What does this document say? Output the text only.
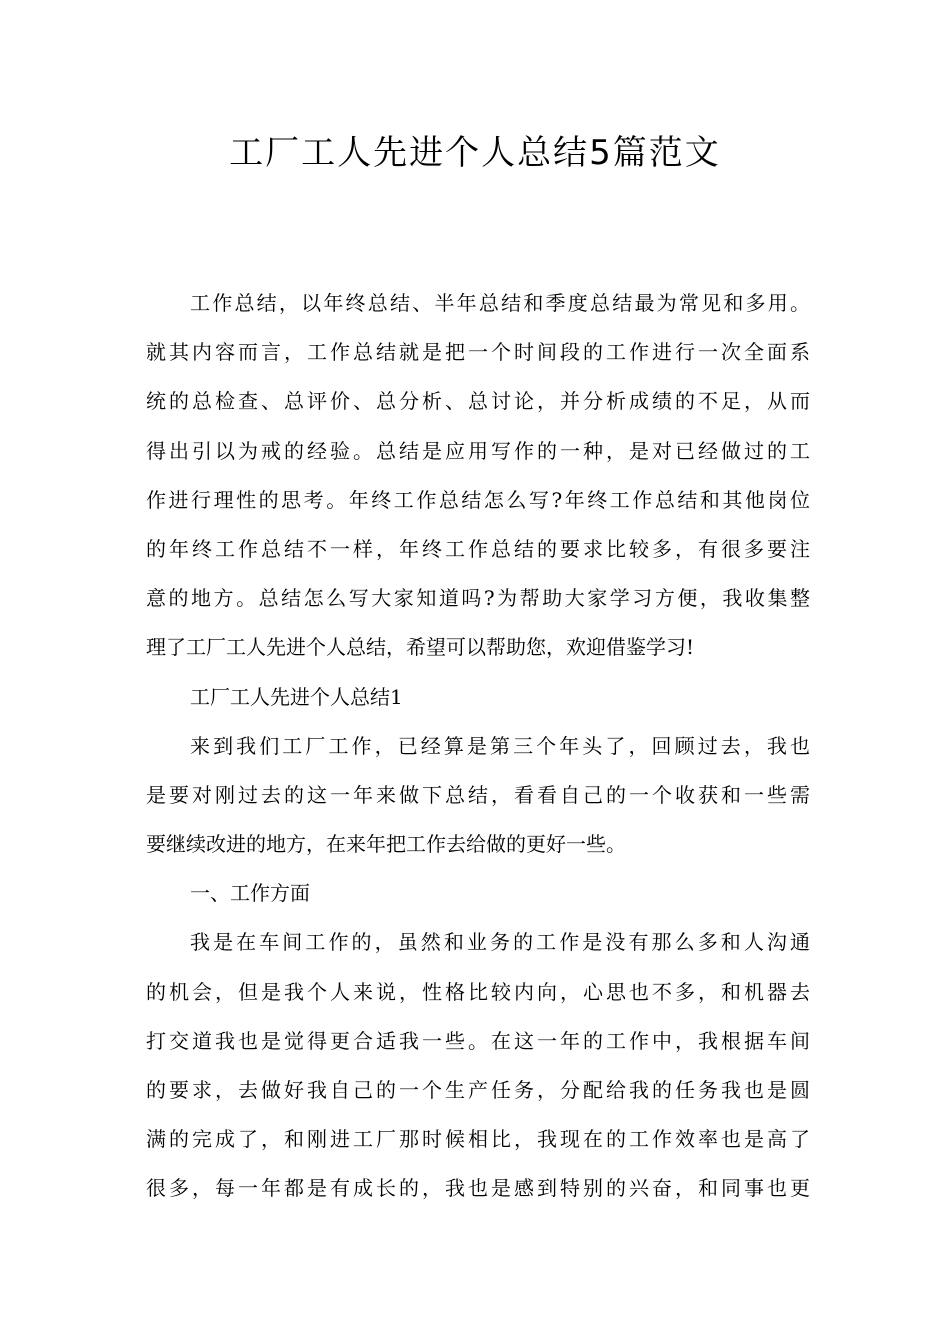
工厂工人先进个人总结5篇范文
工作总结，以年终总结、半年总结和季度总结最为常见和多用。
就其内容而言，工作总结就是把一个时间段的工作进行一次全面系
统的总检查、总评价、总分析、总讨论，并分析成绩的不足，从而
得出引以为戒的经验。总结是应用写作的一种，是对已经做过的工
作进行理性的思考。年终工作总结怎么写?年终工作总结和其他岗位
的年终工作总结不一样，年终工作总结的要求比较多，有很多要注
意的地方。总结怎么写大家知道吗?为帮助大家学习方便，我收集整
理了工厂工人先进个人总结，希望可以帮助您，欢迎借鉴学习!
工厂工人先进个人总结1
来到我们工厂工作，已经算是第三个年头了，回顾过去，我也
是要对刚过去的这一年来做下总结，看看自己的一个收获和一些需
要继续改进的地方，在来年把工作去给做的更好一些。
一、工作方面
我是在车间工作的，虽然和业务的工作是没有那么多和人沟通
的机会，但是我个人来说，性格比较内向，心思也不多，和机器去
打交道我也是觉得更合适我一些。在这一年的工作中，我根据车间
的要求，去做好我自己的一个生产任务，分配给我的任务我也是圆
满的完成了，和刚进工厂那时候相比，我现在的工作效率也是高了
很多，每一年都是有成长的，我也是感到特别的兴奋，和同事也更
